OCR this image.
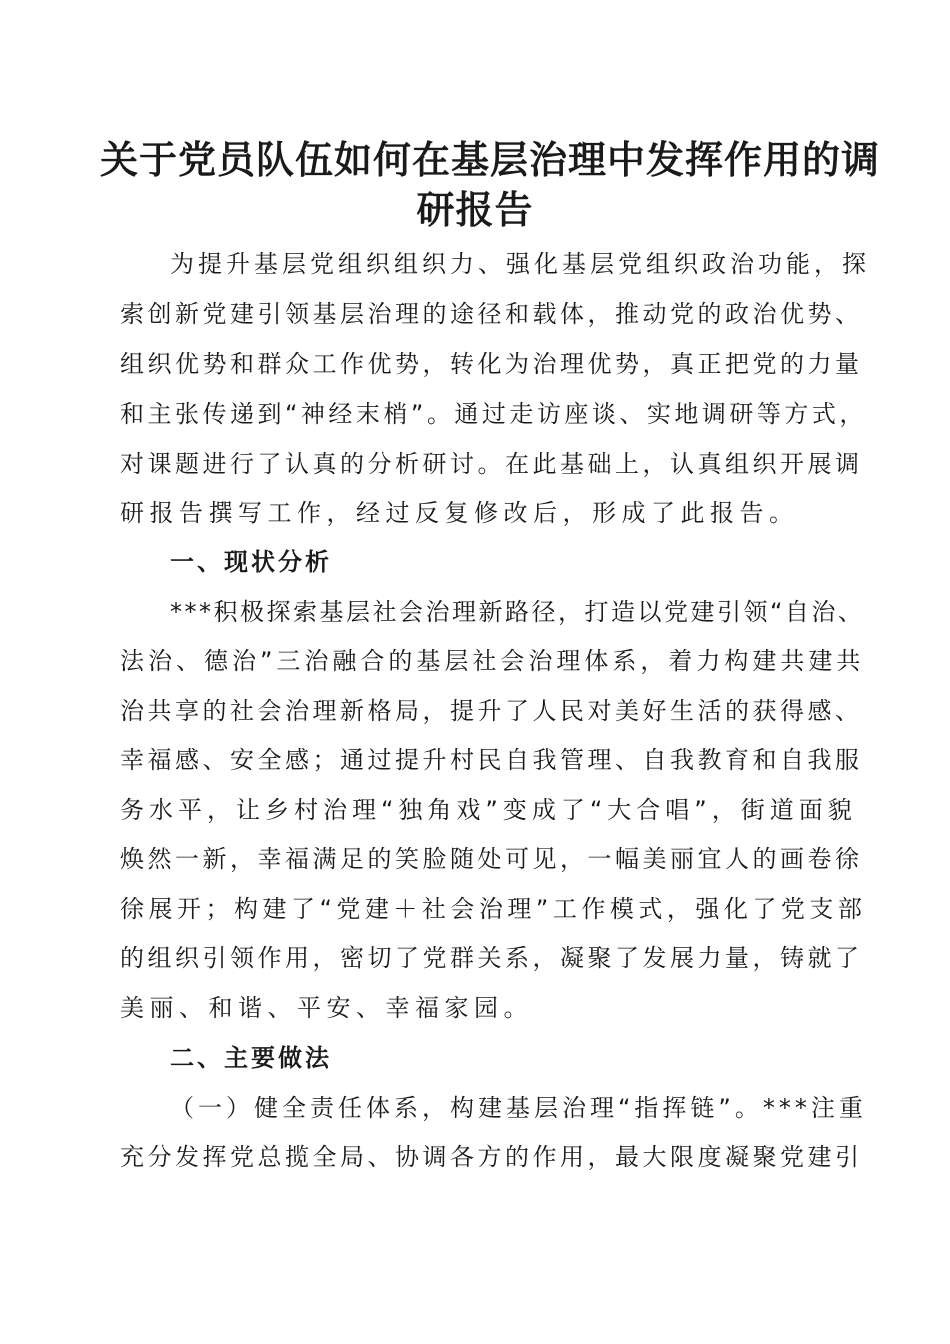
关于党员队伍如何在基层治理中发挥作用的调
研报告

为提升基层党组织组织力、强化基层党组织政治功能，探

索创新党建引领基层治理的途径和载体，推动党的政治优势、

组织优势和群众工作优势，转化为治理优势，真正把党的力量

和主张传递到“神经末梢”。通过走访座谈、实地调研等方式，

对课题进行了认真的分析研讨。在此基础上，认真组织开展调

研报告撰写工作，经过反复修改后，形成了此报告。

一、现状分析

***积极探索基层社会治理新路径，打造以党建引领“自治、

法治、德治”三治融合的基层社会治理体系，着力构建共建共

治共享的社会治理新格局，提升了人民对美好生活的获得感、

幸福感、安全感；通过提升村民自我管理、自我教育和自我服

务水平，让乡村治理“独角戏”变成了“大合唱”，街道面貌

焕然一新，幸福满足的笑脸随处可见，一幅美丽宜人的画卷徐

徐展开；构建了“党建＋社会治理”工作模式，强化了党支部

的组织引领作用，密切了党群关系，凝聚了发展力量，铸就了

美丽、和谐、平安、幸福家园。

二、主要做法

（一）健全责任体系，构建基层治理“指挥链”。***注重

充分发挥党总揽全局、协调各方的作用，最大限度凝聚党建引
